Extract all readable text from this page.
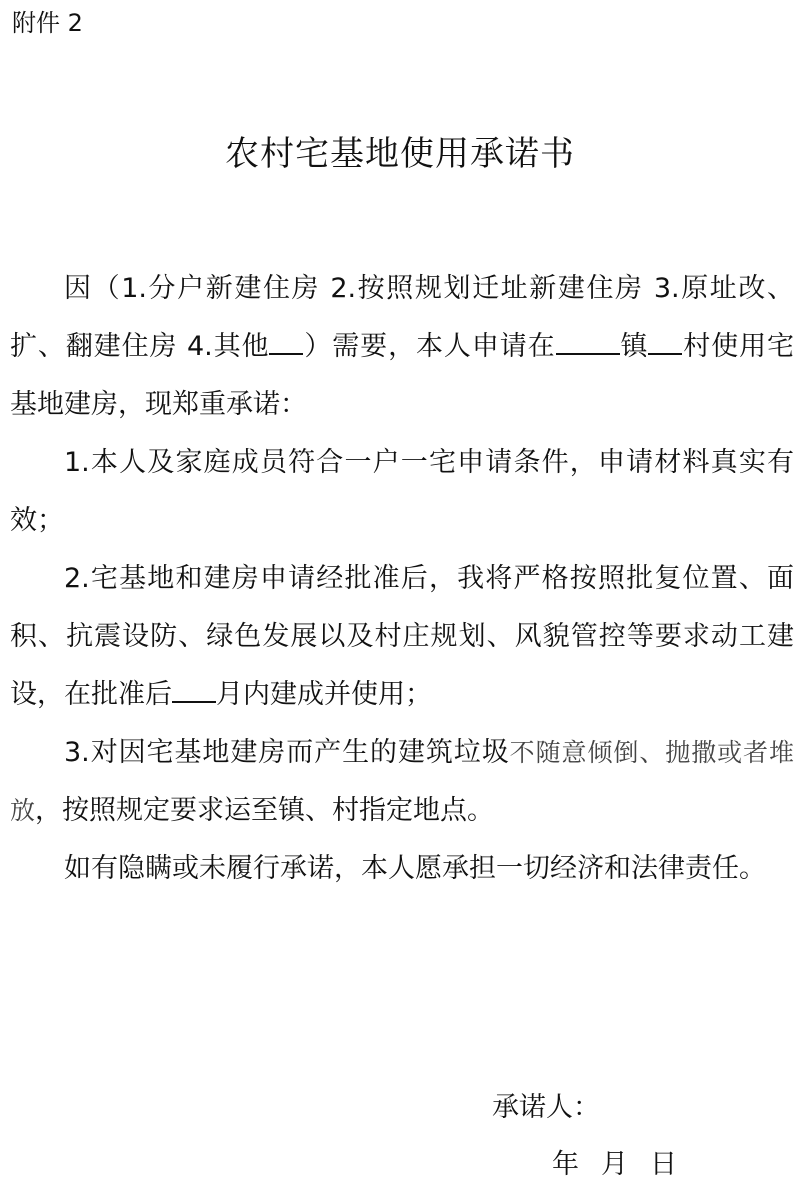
附件 2
农村宅基地使用承诺书

因（1.分户新建住房 2.按照规划迁址新建住房 3.原址改、扩、翻建住房 4.其他 ）需要，本人申请在 镇 村使用宅基地建房，现郑重承诺：

1.本人及家庭成员符合一户一宅申请条件，申请材料真实有效；

2.宅基地和建房申请经批准后，我将严格按照批复位置、面积、抗震设防、绿色发展以及村庄规划、风貌管控等要求动工建设，在批准后 月内建成并使用；

3.对因宅基地建房而产生的建筑垃圾不随意倾倒、抛撒或者堆放，按照规定要求运至镇、村指定地点。

如有隐瞒或未履行承诺，本人愿承担一切经济和法律责任。

承诺人：
年 月 日
